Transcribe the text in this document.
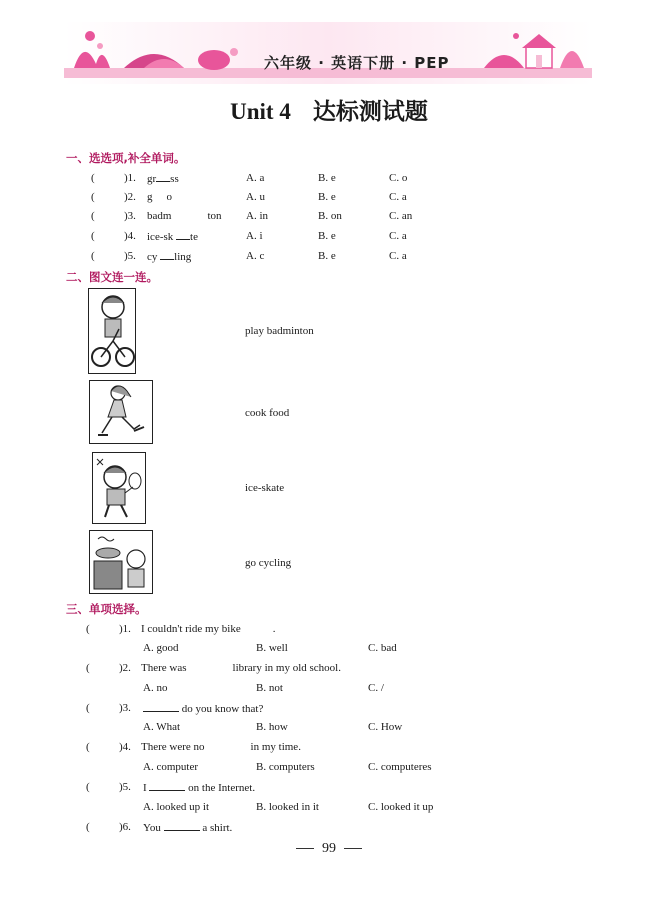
六年级 · 英语下册 · PEP
Unit 4 达标测试题
一、选选项,补全单词。
(	)1. gr ss	A. a	B. e	C. o
(	)2. g o	A. u	B. e	C. a
(	)3. badm	ton A. in	B. on	C. an
(	)4. ice-sk te	A. i	B. e	C. a
(	)5. cy ling	A. c	B. e	C. a
二、图文连一连。
play badminton
cook food
ice-skate
go cycling
三、单项选择。
(	)1. I couldn't ride my bike	.
A. good	B. well	C. bad
(	)2. There was	library in my old school.
A. no	B. not	C. /
(	)3.	do you know that?
A. What	B. how	C. How
(	)4. There were no	in my time.
A. computer	B. computers	C. computeres
(	)5. I	on the Internet.
A. looked up it	B. looked in it	C. looked it up
(	)6. You	a shirt.
99
